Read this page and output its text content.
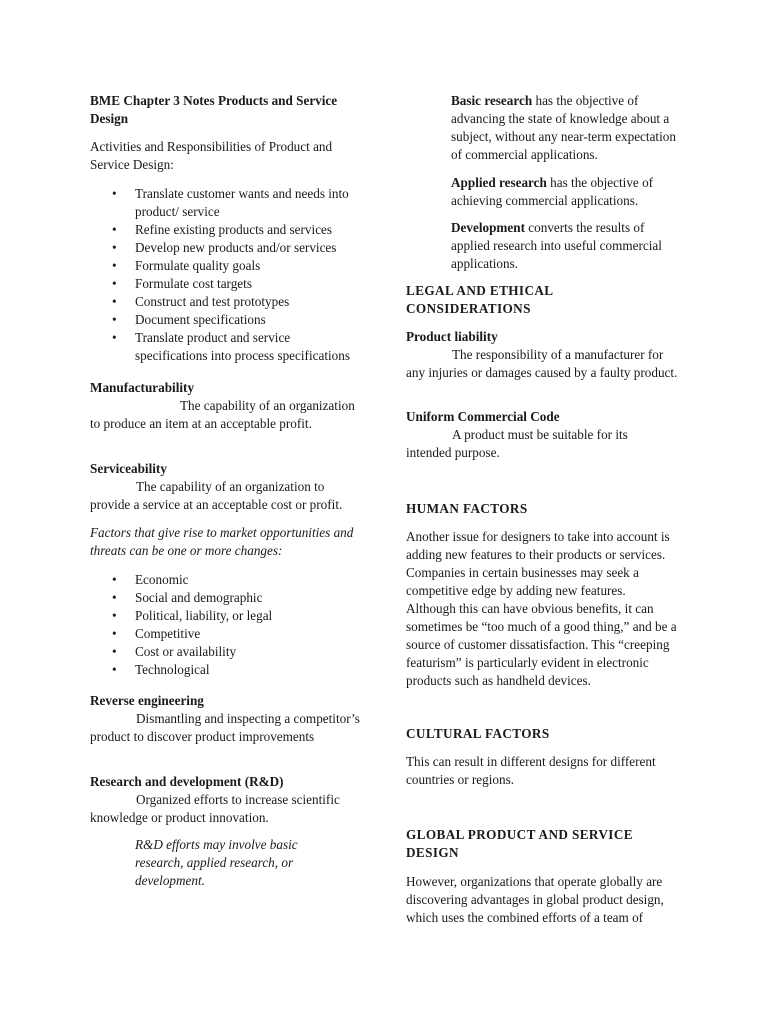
BME Chapter 3 Notes Products and Service Design

Activities and Responsibilities of Product and Service Design:

• Translate customer wants and needs into product/ service
• Refine existing products and services
• Develop new products and/or services
• Formulate quality goals
• Formulate cost targets
• Construct and test prototypes
• Document specifications
• Translate product and service specifications into process specifications

Manufacturability

The capability of an organization to produce an item at an acceptable profit.

Serviceability

The capability of an organization to provide a service at an acceptable cost or profit.

Factors that give rise to market opportunities and threats can be one or more changes:

• Economic
• Social and demographic
• Political, liability, or legal
• Competitive
• Cost or availability
• Technological

Reverse engineering

Dismantling and inspecting a competitor’s product to discover product improvements

Research and development (R&D)

Organized efforts to increase scientific knowledge or product innovation.

R&D efforts may involve basic research, applied research, or development.

Basic research has the objective of advancing the state of knowledge about a subject, without any near-term expectation of commercial applications.

Applied research has the objective of achieving commercial applications.

Development converts the results of applied research into useful commercial applications.

LEGAL AND ETHICAL CONSIDERATIONS

Product liability

The responsibility of a manufacturer for any injuries or damages caused by a faulty product.

Uniform Commercial Code

A product must be suitable for its intended purpose.

HUMAN FACTORS

Another issue for designers to take into account is adding new features to their products or services. Companies in certain businesses may seek a competitive edge by adding new features. Although this can have obvious benefits, it can sometimes be “too much of a good thing,” and be a source of customer dissatisfaction. This “creeping featurism” is particularly evident in electronic products such as handheld devices.

CULTURAL FACTORS

This can result in different designs for different countries or regions.

GLOBAL PRODUCT AND SERVICE DESIGN

However, organizations that operate globally are discovering advantages in global product design, which uses the combined efforts of a team of
